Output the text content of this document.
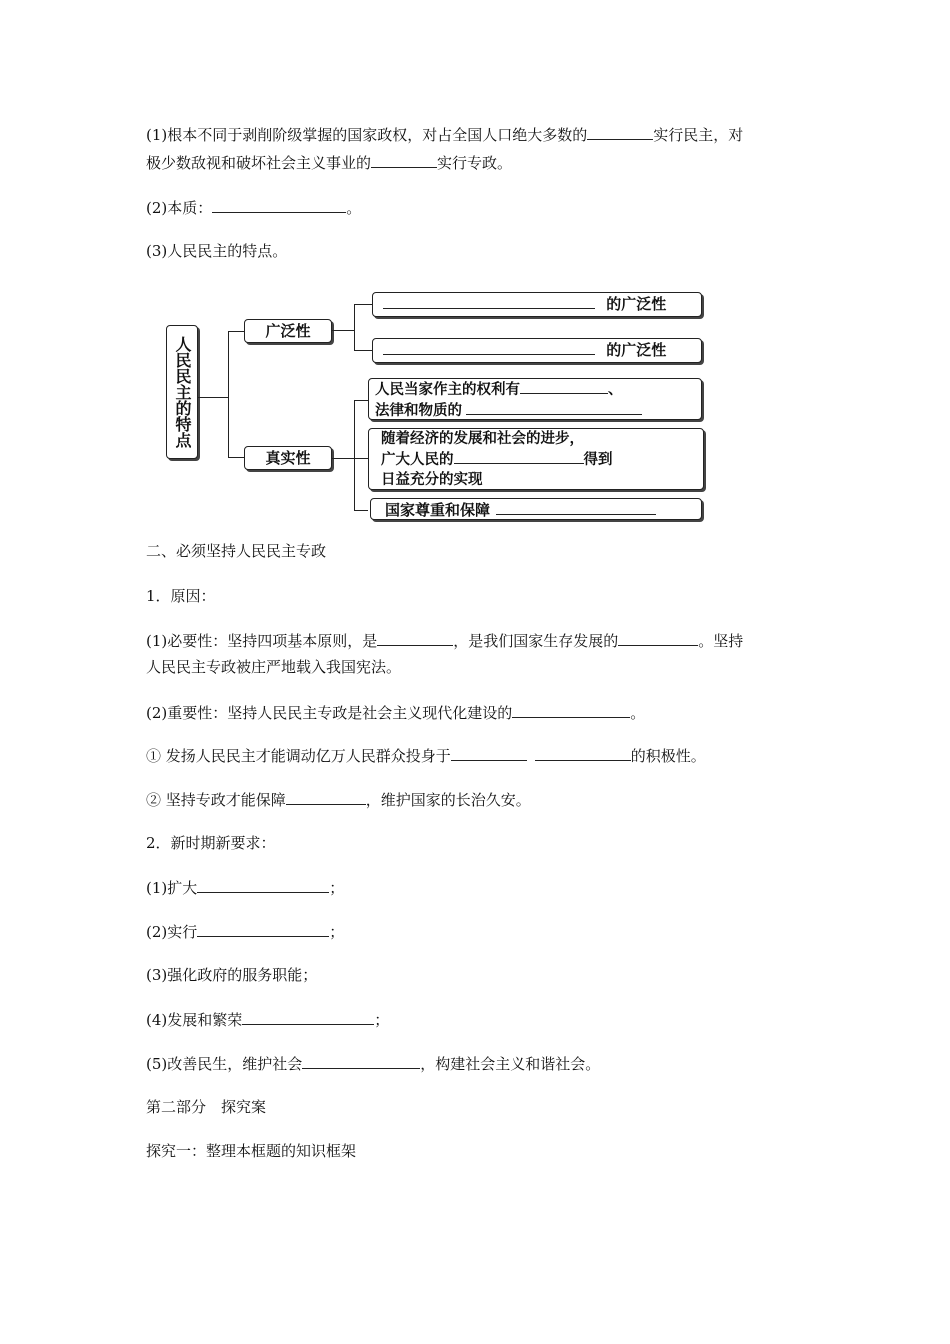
(1)根本不同于剥削阶级掌握的国家政权，对占全国人口绝大多数的	实行民主，对
极少数敌视和破坏社会主义事业的	实行专政。
(2)本质：	。
(3)人民民主的特点。
人民民主的特点
广泛性
的广泛性
的广泛性
真实性
人民当家作主的权利有	、
法律和物质的
随着经济的发展和社会的进步，
广大人民的	得到
日益充分的实现
国家尊重和保障
二、必须坚持人民民主专政
1．原因：
(1)必要性：坚持四项基本原则，是	，是我们国家生存发展的	。坚持
人民民主专政被庄严地载入我国宪法。
(2)重要性：坚持人民民主专政是社会主义现代化建设的	。
① 发扬人民民主才能调动亿万人民群众投身于	的积极性。
② 坚持专政才能保障	，维护国家的长治久安。
2．新时期新要求：
(1)扩大	；
(2)实行	；
(3)强化政府的服务职能；
(4)发展和繁荣	；
(5)改善民生，维护社会	，构建社会主义和谐社会。
第二部分　探究案
探究一：整理本框题的知识框架
